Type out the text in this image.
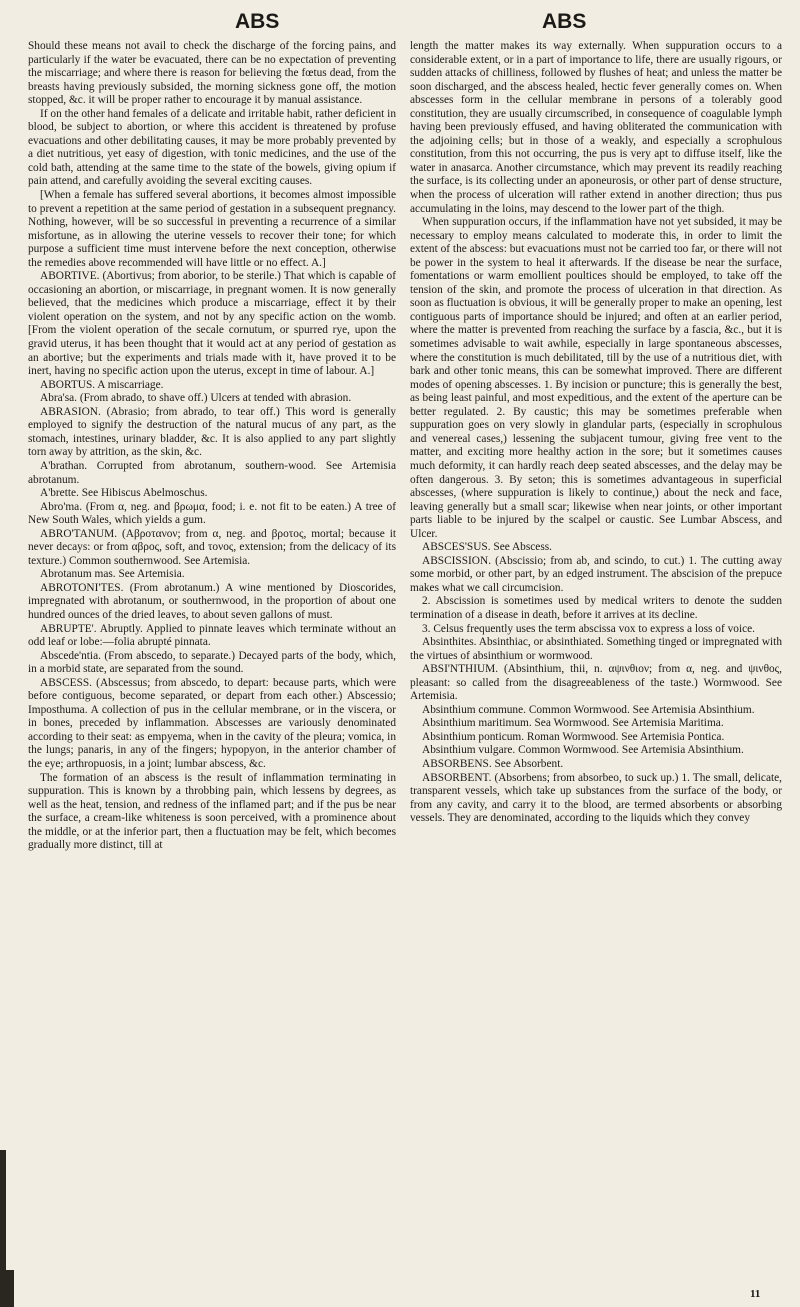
ABS	ABS

Should these means not avail to check the discharge of the forcing pains, and particularly if the water be evacuated, there can be no expectation of preventing the miscarriage; and where there is reason for believing the fœtus dead, from the breasts having previously subsided, the morning sickness gone off, the motion stopped, &c. it will be proper rather to encourage it by manual assistance.

If on the other hand females of a delicate and irritable habit, rather deficient in blood, be subject to abortion, or where this accident is threatened by profuse evacuations and other debilitating causes, it may be more probably prevented by a diet nutritious, yet easy of digestion, with tonic medicines, and the use of the cold bath, attending at the same time to the state of the bowels, giving opium if pain attend, and carefully avoiding the several exciting causes.

[When a female has suffered several abortions, it becomes almost impossible to prevent a repetition at the same period of gestation in a subsequent pregnancy. Nothing, however, will be so successful in preventing a recurrence of a similar misfortune, as in allowing the uterine vessels to recover their tone; for which purpose a sufficient time must intervene before the next conception, otherwise the remedies above recommended will have little or no effect. A.]

ABORTIVE. (Abortivus; from aborior, to be sterile.) That which is capable of occasioning an abortion, or miscarriage, in pregnant women. It is now generally believed, that the medicines which produce a miscarriage, effect it by their violent operation on the system, and not by any specific action on the womb. [From the violent operation of the secale cornutum, or spurred rye, upon the gravid uterus, it has been thought that it would act at any period of gestation as an abortive; but the experiments and trials made with it, have proved it to be inert, having no specific action upon the uterus, except in time of labour. A.]

ABORTUS. A miscarriage.

Abra'sa. (From abrado, to shave off.) Ulcers at tended with abrasion.

ABRASION. (Abrasio; from abrado, to tear off.) This word is generally employed to signify the destruction of the natural mucus of any part, as the stomach, intestines, urinary bladder, &c. It is also applied to any part slightly torn away by attrition, as the skin, &c.

A'brathan. Corrupted from abrotanum, southern-wood. See Artemisia abrotanum.

A'brette. See Hibiscus Abelmoschus.

Abro'ma. (From α, neg. and βρωμα, food; i. e. not fit to be eaten.) A tree of New South Wales, which yields a gum.

ABRO'TANUM. (Αβροτανον; from α, neg. and βροτος, mortal; because it never decays: or from αβρος, soft, and τονος, extension; from the delicacy of its texture.) Common southernwood. See Artemisia.

Abrotanum mas. See Artemisia.

ABROTONI'TES. (From abrotanum.) A wine mentioned by Dioscorides, impregnated with abrotanum, or southernwood, in the proportion of about one hundred ounces of the dried leaves, to about seven gallons of must.

ABRUPTE'. Abruptly. Applied to pinnate leaves which terminate without an odd leaf or lobe:—folia abrupté pinnata.

Abscede'ntia. (From abscedo, to separate.) Decayed parts of the body, which, in a morbid state, are separated from the sound.

ABSCESS. (Abscessus; from abscedo, to depart: because parts, which were before contiguous, become separated, or depart from each other.) Abscessio; Imposthuma. A collection of pus in the cellular membrane, or in the viscera, or in bones, preceded by inflammation. Abscesses are variously denominated according to their seat: as empyema, when in the cavity of the pleura; vomica, in the lungs; panaris, in any of the fingers; hypopyon, in the anterior chamber of the eye; arthropuosis, in a joint; lumbar abscess, &c.

The formation of an abscess is the result of inflammation terminating in suppuration. This is known by a throbbing pain, which lessens by degrees, as well as the heat, tension, and redness of the inflamed part; and if the pus be near the surface, a cream-like whiteness is soon perceived, with a prominence about the middle, or at the inferior part, then a fluctuation may be felt, which becomes gradually more distinct, till at

length the matter makes its way externally. When suppuration occurs to a considerable extent, or in a part of importance to life, there are usually rigours, or sudden attacks of chilliness, followed by flushes of heat; and unless the matter be soon discharged, and the abscess healed, hectic fever generally comes on. When abscesses form in the cellular membrane in persons of a tolerably good constitution, they are usually circumscribed, in consequence of coagulable lymph having been previously effused, and having obliterated the communication with the adjoining cells; but in those of a weakly, and especially a scrophulous constitution, from this not occurring, the pus is very apt to diffuse itself, like the water in anasarca. Another circumstance, which may prevent its readily reaching the surface, is its collecting under an aponeurosis, or other part of dense structure, when the process of ulceration will rather extend in another direction; thus pus accumulating in the loins, may descend to the lower part of the thigh.

When suppuration occurs, if the inflammation have not yet subsided, it may be necessary to employ means calculated to moderate this, in order to limit the extent of the abscess: but evacuations must not be carried too far, or there will not be power in the system to heal it afterwards. If the disease be near the surface, fomentations or warm emollient poultices should be employed, to take off the tension of the skin, and promote the process of ulceration in that direction. As soon as fluctuation is obvious, it will be generally proper to make an opening, lest contiguous parts of importance should be injured; and often at an earlier period, where the matter is prevented from reaching the surface by a fascia, &c., but it is sometimes advisable to wait awhile, especially in large spontaneous abscesses, where the constitution is much debilitated, till by the use of a nutritious diet, with bark and other tonic means, this can be somewhat improved. There are different modes of opening abscesses. 1. By incision or puncture; this is generally the best, as being least painful, and most expeditious, and the extent of the aperture can be better regulated. 2. By caustic; this may be sometimes preferable when suppuration goes on very slowly in glandular parts, (especially in scrophulous and venereal cases,) lessening the subjacent tumour, giving free vent to the matter, and exciting more healthy action in the sore; but it sometimes causes much deformity, it can hardly reach deep seated abscesses, and the delay may be often dangerous. 3. By seton; this is sometimes advantageous in superficial abscesses, (where suppuration is likely to continue,) about the neck and face, leaving generally but a small scar; likewise when near joints, or other important parts liable to be injured by the scalpel or caustic. See Lumbar Abscess, and Ulcer.

ABSCES'SUS. See Abscess.

ABSCISSION. (Abscissio; from ab, and scindo, to cut.) 1. The cutting away some morbid, or other part, by an edged instrument. The abscision of the prepuce makes what we call circumcision.

2. Abscission is sometimes used by medical writers to denote the sudden termination of a disease in death, before it arrives at its decline.

3. Celsus frequently uses the term abscissa vox to express a loss of voice.

Absinthites. Absinthiac, or absinthiated. Something tinged or impregnated with the virtues of absinthium or wormwood.

ABSI'NTHIUM. (Absinthium, thii, n. αψινθιον; from α, neg. and ψινθος, pleasant: so called from the disagreeableness of the taste.) Wormwood. See Artemisia.

Absinthium commune. Common Wormwood. See Artemisia Absinthium.

Absinthium maritimum. Sea Wormwood. See Artemisia Maritima.

Absinthium ponticum. Roman Wormwood. See Artemisia Pontica.

Absinthium vulgare. Common Wormwood. See Artemisia Absinthium.

ABSORBENS. See Absorbent.

ABSORBENT. (Absorbens; from absorbeo, to suck up.) 1. The small, delicate, transparent vessels, which take up substances from the surface of the body, or from any cavity, and carry it to the blood, are termed absorbents or absorbing vessels. They are denominated, according to the liquids which they convey

11
